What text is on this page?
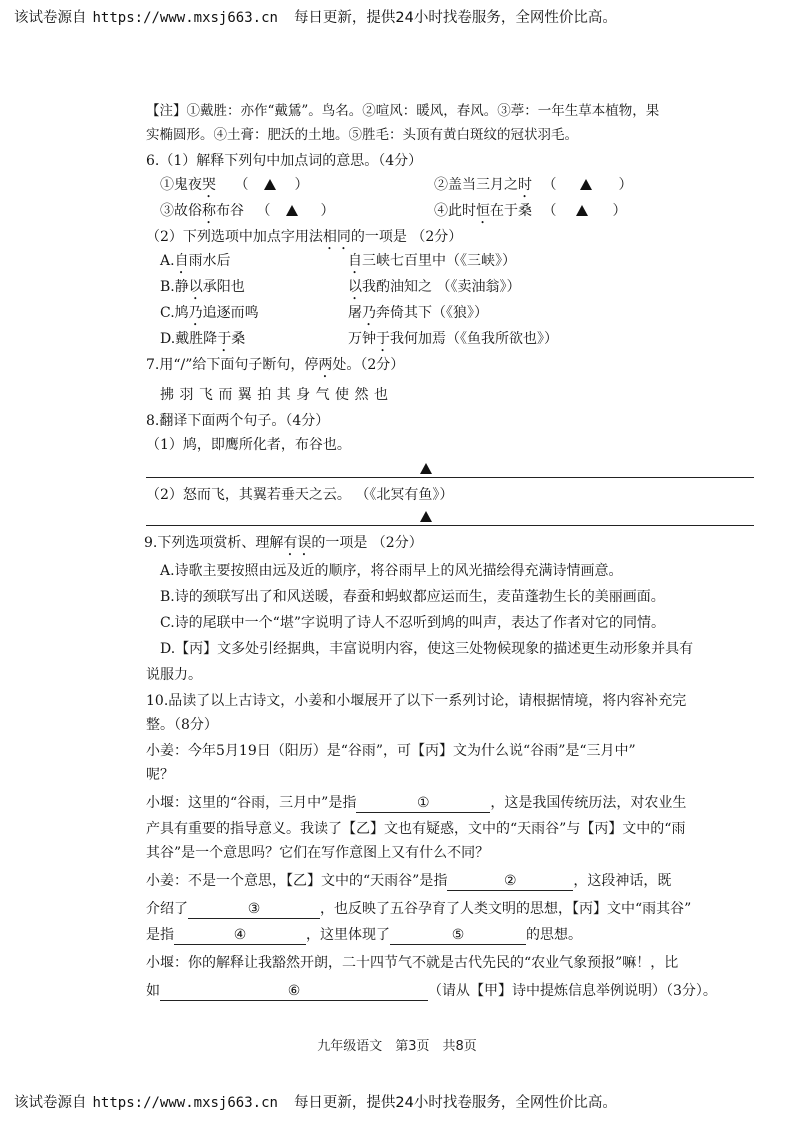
该试卷源自 https://www.mxsj663.cn 每日更新，提供24小时找卷服务，全网性价比高。
【注】①戴胜：亦作“戴鵀”。鸟名。②喧风：暖风，春风。③葶：一年生草本植物，果
实椭圆形。④土膏：肥沃的土地。⑤胜毛：头顶有黄白斑纹的冠状羽毛。
6.（1）解释下列句中加点词的意思。（4分）
①鬼夜哭 （	）	②盖当三月之时 （	）
③故俗称布谷 （	）	④此时恒在于桑 （	）
（2）下列选项中加点字用法相同的一项是 （2分）
A.自雨水后	自三峡七百里中（《三峡》）
B.静以承阳也	以我酌油知之 （《卖油翁》）
C.鸠乃追逐而鸣	屠乃奔倚其下（《狼》）
D.戴胜降于桑	万钟于我何加焉（《鱼我所欲也》）
7.用“/”给下面句子断句，停两处。（2分）
拂 羽 飞 而 翼 拍 其 身 气 使 然 也
8.翻译下面两个句子。（4分）
（1）鸠，即鹰所化者，布谷也。
（2）怒而飞，其翼若垂天之云。 （《北冥有鱼》）
9.下列选项赏析、理解有误的一项是 （2分）
A.诗歌主要按照由远及近的顺序，将谷雨早上的风光描绘得充满诗情画意。
B.诗的颈联写出了和风送暖，春蚕和蚂蚁都应运而生，麦苗蓬勃生长的美丽画面。
C.诗的尾联中一个“堪”字说明了诗人不忍听到鸠的叫声，表达了作者对它的同情。
D.【丙】文多处引经据典，丰富说明内容，使这三处物候现象的描述更生动形象并具有
说服力。
10.品读了以上古诗文，小姜和小堰展开了以下一系列讨论，请根据情境，将内容补充完
整。（8分）
小姜：今年5月19日（阳历）是“谷雨”，可【丙】文为什么说“谷雨”是“三月中”
呢？
小堰：这里的“谷雨，三月中”是指	①	，这是我国传统历法，对农业生
产具有重要的指导意义。我读了【乙】文也有疑惑，文中的“天雨谷”与【丙】文中的“雨
其谷”是一个意思吗？它们在写作意图上又有什么不同？
小姜：不是一个意思，【乙】文中的“天雨谷”是指	②	，这段神话，既
介绍了	③	，也反映了五谷孕育了人类文明的思想，【丙】文中“雨其谷”
是指	④	，这里体现了	⑤	的思想。
小堰：你的解释让我豁然开朗，二十四节气不就是古代先民的“农业气象预报”嘛！，比
如	⑥	（请从【甲】诗中提炼信息举例说明）（3分）。
九年级语文　第3页　共8页
该试卷源自 https://www.mxsj663.cn 每日更新，提供24小时找卷服务，全网性价比高。
